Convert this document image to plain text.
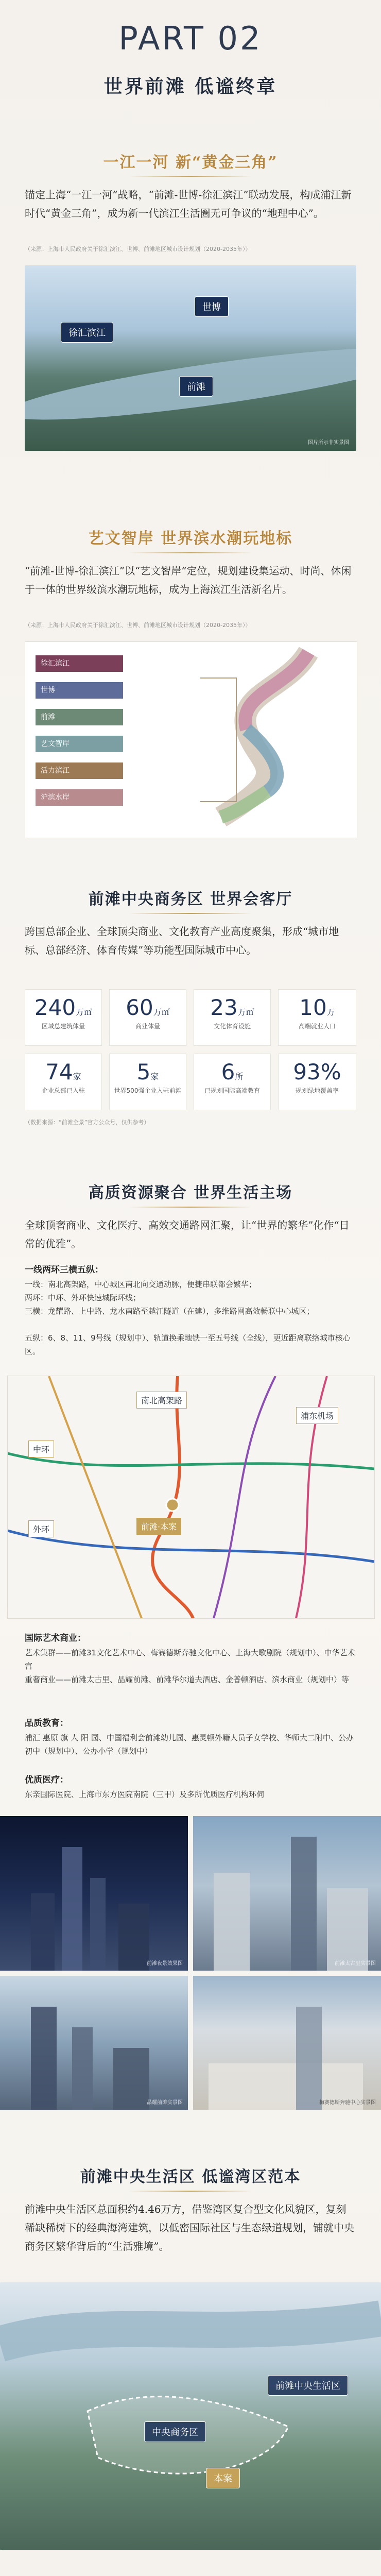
PART 02
世界前滩 低谧终章
一江一河 新“黄金三角”
锚定上海“一江一河”战略，“前滩-世博-徐汇滨江”联动发展，构成浦江新时代“黄金三角”，成为新一代滨江生活圈无可争议的“地理中心”。
（来源：上海市人民政府关于徐汇滨江、世博、前滩地区城市设计规划（2020-2035年））
徐汇滨江
世博
前滩
图片所示非实景图
艺文智岸 世界滨水潮玩地标
“前滩-世博-徐汇滨江”以“艺文智岸”定位，规划建设集运动、时尚、休闲于一体的世界级滨水潮玩地标，成为上海滨江生活新名片。
（来源：上海市人民政府关于徐汇滨江、世博、前滩地区城市设计规划（2020-2035年））
徐汇滨江
世博
前滩
艺文智岸
活力滨江
沪滨水岸
前滩中央商务区 世界会客厅
跨国总部企业、全球顶尖商业、文化教育产业高度聚集，形成“城市地标、总部经济、体育传媒”等功能型国际城市中心。
240万㎡
区域总建筑体量
60万㎡
商业体量
23万㎡
文化体育设施
10万
高端就业人口
74家
企业总部已入驻
5家
世界500强企业入驻前滩
6所
已规划国际高端教育
93%
规划绿地覆盖率
（数据来源：“前滩全景”官方公众号，仅供参考）
高质资源聚合 世界生活主场
全球顶奢商业、文化医疗、高效交通路网汇聚，让“世界的繁华”化作“日常的优雅”。
一线两环三横五纵：
一线：南北高架路，中心城区南北向交通动脉，便捷串联都会繁华；
两环：中环、外环快速城际环线；
三横：龙耀路、上中路、龙水南路至越江隧道（在建），多维路网高效畅联中心城区；
五纵：6、8、11、9号线（规划中）、轨道换乘地铁一至五号线（全线），更近距离联络城市核心区。
南北高架路
中环
外环	前滩·本案
浦东机场
国际艺术商业：
艺术集群——前滩31文化艺术中心、梅赛德斯奔驰文化中心、上海大歌剧院（规划中）、中华艺术宫
重奢商业——前滩太古里、晶耀前滩、前滩华尔道夫酒店、金普顿酒店、滨水商业（规划中）等
品质教育：
浦汇 惠原 旗 人 阳 园、中国福利会前滩幼儿园、惠灵顿外籍人员子女学校、华师大二附中、公办初中（规划中）、公办小学（规划中）
优质医疗：
东亲国际医院、上海市东方医院南院（三甲）及多所优质医疗机构环伺
前滩夜景效果图	前滩太古里实景图
晶耀前滩实景图	梅赛德斯奔驰中心实景图
前滩中央生活区 低谧湾区范本
前滩中央生活区总面积约4.46万方，借鉴湾区复合型文化风貌区，复刻稀缺稀树下的经典海湾建筑，以低密国际社区与生态绿道规划，铺就中央商务区繁华背后的“生活雅境”。
前滩中央生活区
中央商务区
本案
